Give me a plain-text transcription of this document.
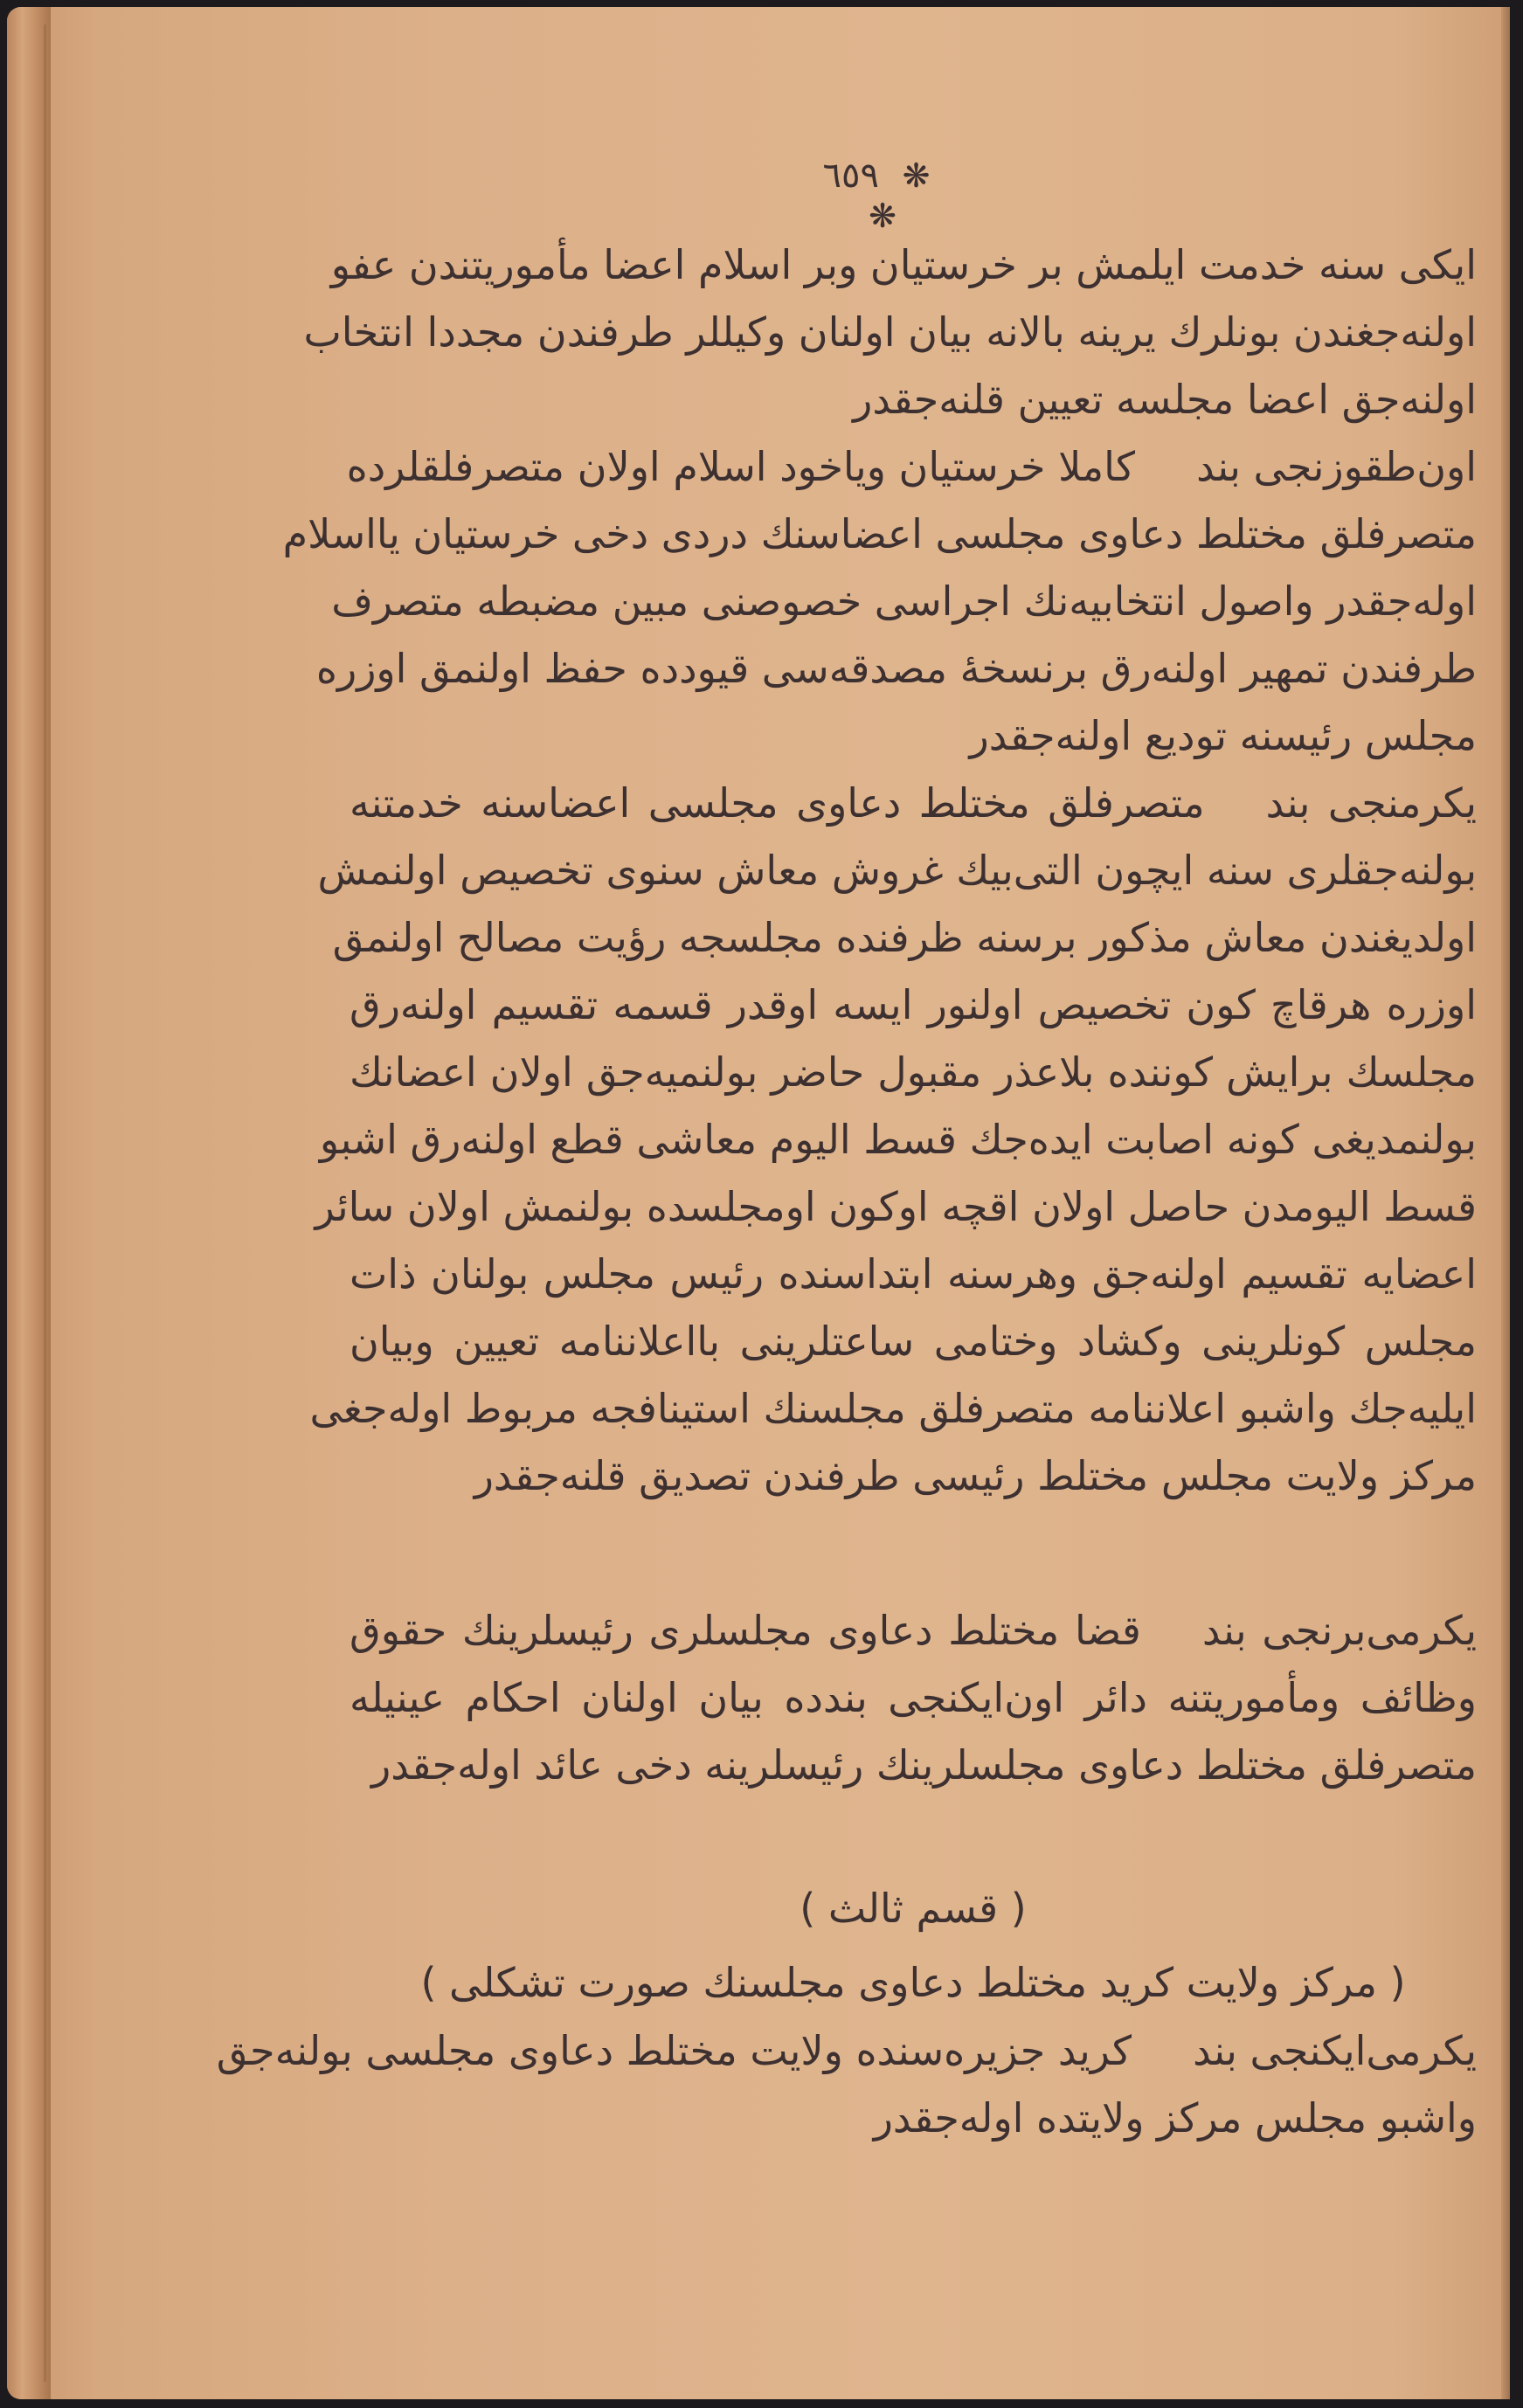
❋ ٦٥٩ ❋
ایکی سنه خدمت ایلمش بر خرستیان وبر اسلام اعضا مأموریتندن عفو
اولنه‌جغندن بونلرك یرینه بالانه بیان اولنان وکیللر طرفندن مجددا انتخاب
اولنه‌جق اعضا مجلسه تعیین قلنه‌جقدر
اون‌طقوزنجی بندکاملا خرستیان ویاخود اسلام اولان متصرفلقلرده
متصرفلق مختلط دعاوی مجلسی اعضاسنك دردی دخی خرستیان یااسلام
اوله‌جقدر واصول انتخابیه‌نك اجراسی خصوصنی مبین مضبطه متصرف
طرفندن تمهیر اولنه‌رق برنسخهٔ مصدقه‌سی قیودده حفظ اولنمق اوزره
مجلس رئیسنه تودیع اولنه‌جقدر
یکرمنجی بندمتصرفلق مختلط دعاوی مجلسی اعضاسنه خدمتنه
بولنه‌جقلری سنه ایچون التی‌بیك غروش معاش سنوی تخصیص اولنمش
اولدیغندن معاش مذکور برسنه ظرفنده مجلسجه رؤیت مصالح اولنمق
اوزره هرقاچ كون تخصیص اولنور ایسه اوقدر قسمه تقسیم اولنه‌رق
مجلسك برایش کوننده بلاعذر مقبول حاضر بولنمیه‌جق اولان اعضانك
بولنمدیغی کونه اصابت ایده‌جك قسط الیوم معاشی قطع اولنه‌رق اشبو
قسط الیومدن حاصل اولان اقچه اوكون اومجلسده بولنمش اولان سائر
اعضایه تقسیم اولنه‌جق وهرسنه ابتداسنده رئیس مجلس بولنان ذات
مجلس کونلرینی وکشاد وختامی ساعتلرینی بااعلاننامه تعیین وبیان
ایلیه‌جك واشبو اعلاننامه متصرفلق مجلسنك استینافجه مربوط اوله‌جغی
مرکز ولایت مجلس مختلط رئیسی طرفندن تصدیق قلنه‌جقدر
یکرمی‌برنجی بندقضا مختلط دعاوی مجلسلری رئیسلرینك حقوق
وظائف ومأموریتنه دائر اون‌ایکنجی بندده بیان اولنان احکام عینیله
متصرفلق مختلط دعاوی مجلسلرینك رئیسلرینه دخی عائد اوله‌جقدر
( قسم ثالث )
( مرکز ولایت کرید مختلط دعاوی مجلسنك صورت تشکلی )
یکرمی‌ایکنجی بندکرید جزیره‌سنده ولایت مختلط دعاوی مجلسی بولنه‌جق
واشبو مجلس مرکز ولایتده اوله‌جقدر
